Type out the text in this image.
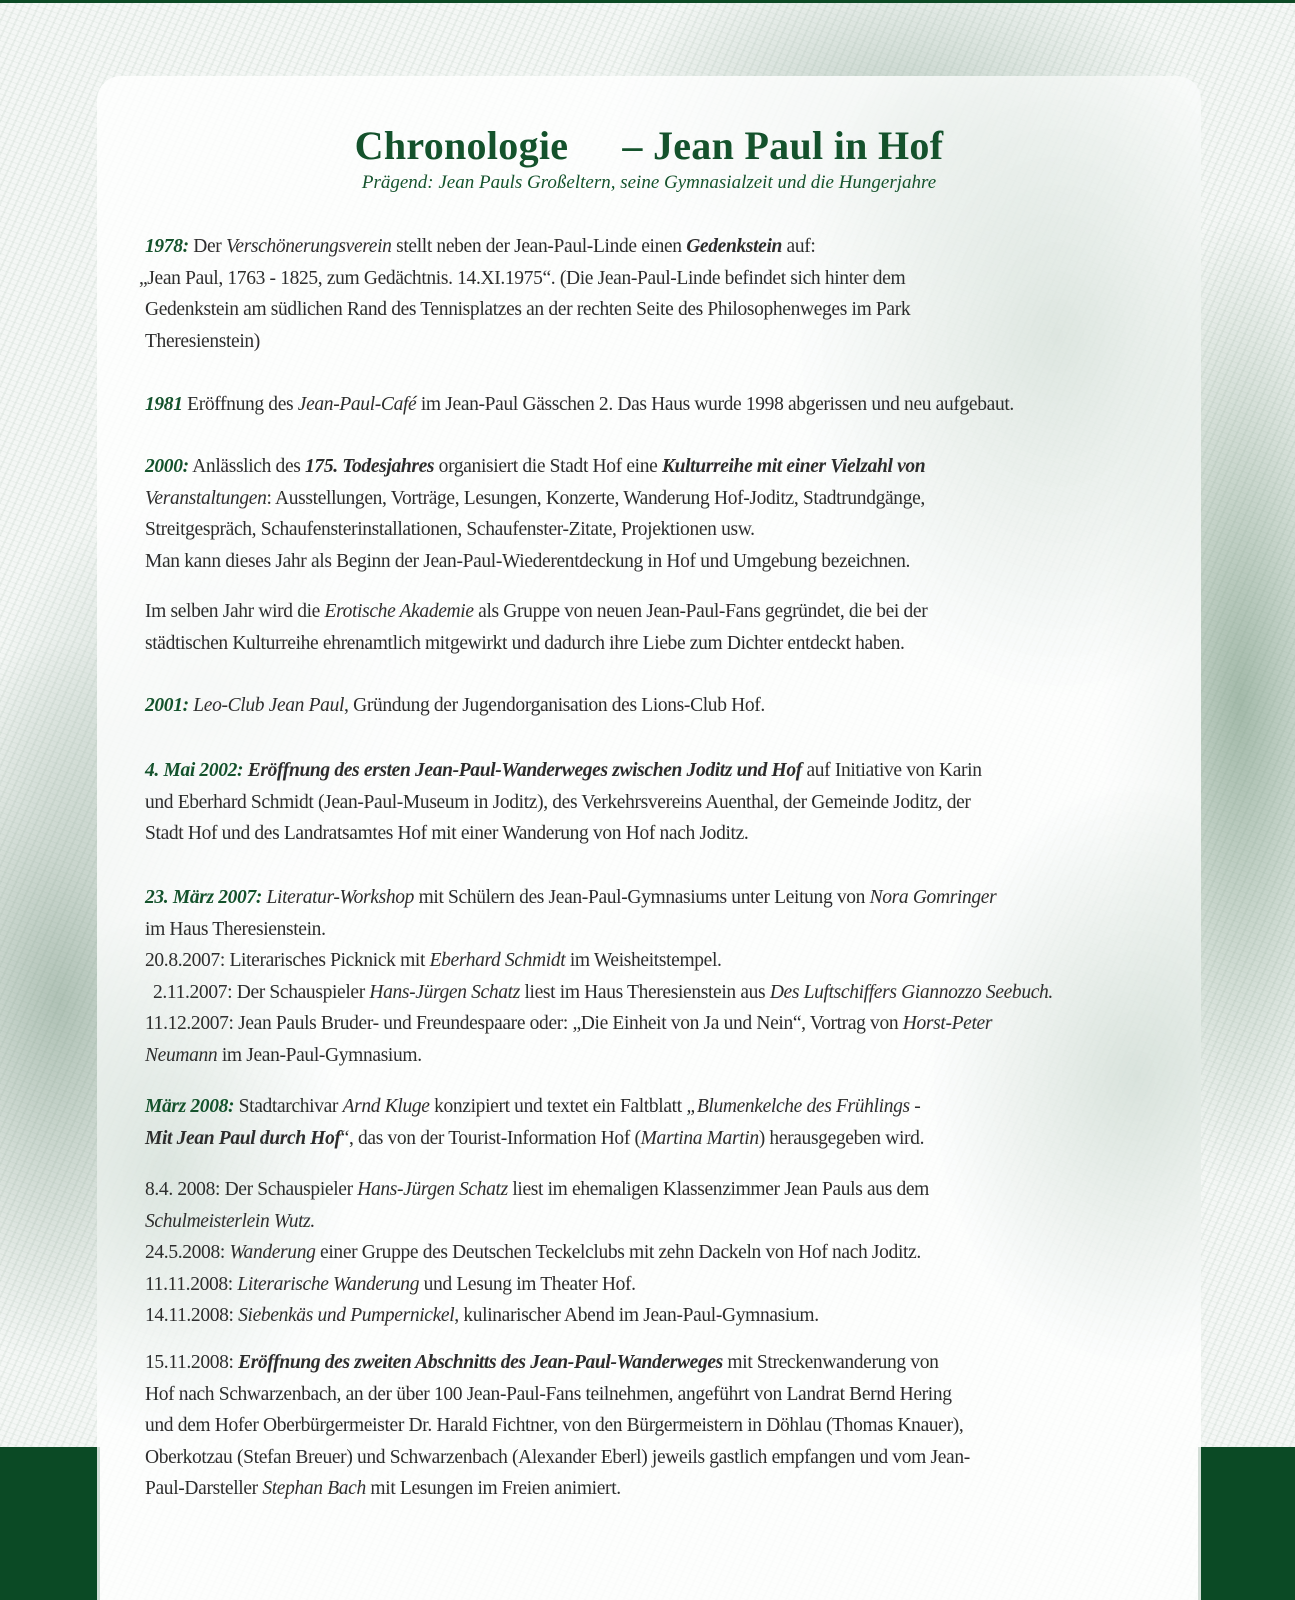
Chronologie – Jean Paul in Hof
Prägend: Jean Pauls Großeltern, seine Gymnasialzeit und die Hungerjahre
1978: Der Verschönerungsverein stellt neben der Jean-Paul-Linde einen Gedenkstein auf:
„Jean Paul, 1763 - 1825, zum Gedächtnis. 14.XI.1975“. (Die Jean-Paul-Linde befindet sich hinter dem
Gedenkstein am südlichen Rand des Tennisplatzes an der rechten Seite des Philosophenweges im Park
Theresienstein)
1981 Eröffnung des Jean-Paul-Café im Jean-Paul Gässchen 2. Das Haus wurde 1998 abgerissen und neu aufgebaut.
2000: Anlässlich des 175. Todesjahres organisiert die Stadt Hof eine Kulturreihe mit einer Vielzahl von
Veranstaltungen: Ausstellungen, Vorträge, Lesungen, Konzerte, Wanderung Hof-Joditz, Stadtrundgänge,
Streitgespräch, Schaufensterinstallationen, Schaufenster-Zitate, Projektionen usw.
Man kann dieses Jahr als Beginn der Jean-Paul-Wiederentdeckung in Hof und Umgebung bezeichnen.
Im selben Jahr wird die Erotische Akademie als Gruppe von neuen Jean-Paul-Fans gegründet, die bei der
städtischen Kulturreihe ehrenamtlich mitgewirkt und dadurch ihre Liebe zum Dichter entdeckt haben.
2001: Leo-Club Jean Paul, Gründung der Jugendorganisation des Lions-Club Hof.
4. Mai 2002: Eröffnung des ersten Jean-Paul-Wanderweges zwischen Joditz und Hof auf Initiative von Karin
und Eberhard Schmidt (Jean-Paul-Museum in Joditz), des Verkehrsvereins Auenthal, der Gemeinde Joditz, der
Stadt Hof und des Landratsamtes Hof mit einer Wanderung von Hof nach Joditz.
23. März 2007: Literatur-Workshop mit Schülern des Jean-Paul-Gymnasiums unter Leitung von Nora Gomringer
im Haus Theresienstein.
20.8.2007: Literarisches Picknick mit Eberhard Schmidt im Weisheitstempel.
2.11.2007: Der Schauspieler Hans-Jürgen Schatz liest im Haus Theresienstein aus Des Luftschiffers Giannozzo Seebuch.
11.12.2007: Jean Pauls Bruder- und Freundespaare oder: „Die Einheit von Ja und Nein“, Vortrag von Horst-Peter
Neumann im Jean-Paul-Gymnasium.
März 2008: Stadtarchivar Arnd Kluge konzipiert und textet ein Faltblatt „Blumenkelche des Frühlings -
Mit Jean Paul durch Hof“, das von der Tourist-Information Hof (Martina Martin) herausgegeben wird.
8.4. 2008: Der Schauspieler Hans-Jürgen Schatz liest im ehemaligen Klassenzimmer Jean Pauls aus dem
Schulmeisterlein Wutz.
24.5.2008: Wanderung einer Gruppe des Deutschen Teckelclubs mit zehn Dackeln von Hof nach Joditz.
11.11.2008: Literarische Wanderung und Lesung im Theater Hof.
14.11.2008: Siebenkäs und Pumpernickel, kulinarischer Abend im Jean-Paul-Gymnasium.
15.11.2008: Eröffnung des zweiten Abschnitts des Jean-Paul-Wanderweges mit Streckenwanderung von
Hof nach Schwarzenbach, an der über 100 Jean-Paul-Fans teilnehmen, angeführt von Landrat Bernd Hering
und dem Hofer Oberbürgermeister Dr. Harald Fichtner, von den Bürgermeistern in Döhlau (Thomas Knauer),
Oberkotzau (Stefan Breuer) und Schwarzenbach (Alexander Eberl) jeweils gastlich empfangen und vom Jean-
Paul-Darsteller Stephan Bach mit Lesungen im Freien animiert.
